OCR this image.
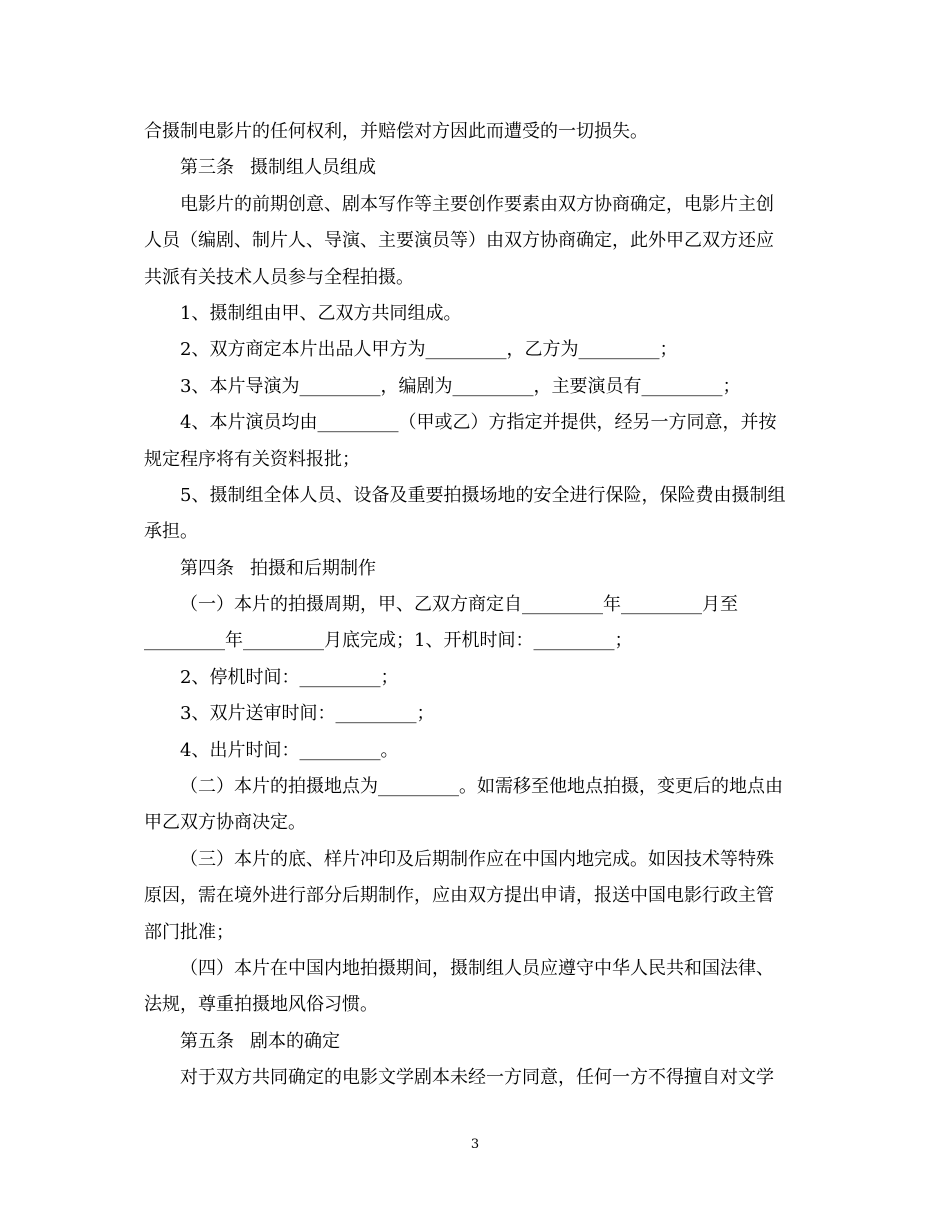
合摄制电影片的任何权利，并赔偿对方因此而遭受的一切损失。
第三条 摄制组人员组成
电影片的前期创意、剧本写作等主要创作要素由双方协商确定，电影片主创
人员（编剧、制片人、导演、主要演员等）由双方协商确定，此外甲乙双方还应
共派有关技术人员参与全程拍摄。
1、摄制组由甲、乙双方共同组成。
2、双方商定本片出品人甲方为_________，乙方为_________；
3、本片导演为_________，编剧为_________，主要演员有_________；
4、本片演员均由_________（甲或乙）方指定并提供，经另一方同意，并按
规定程序将有关资料报批；
5、摄制组全体人员、设备及重要拍摄场地的安全进行保险，保险费由摄制组
承担。
第四条 拍摄和后期制作
（一）本片的拍摄周期，甲、乙双方商定自_________年_________月至
_________年_________月底完成；1、开机时间：_________；
2、停机时间：_________；
3、双片送审时间：_________；
4、出片时间：_________。
（二）本片的拍摄地点为_________。如需移至他地点拍摄，变更后的地点由
甲乙双方协商决定。
（三）本片的底、样片冲印及后期制作应在中国内地完成。如因技术等特殊
原因，需在境外进行部分后期制作，应由双方提出申请，报送中国电影行政主管
部门批准；
（四）本片在中国内地拍摄期间，摄制组人员应遵守中华人民共和国法律、
法规，尊重拍摄地风俗习惯。
第五条 剧本的确定
对于双方共同确定的电影文学剧本未经一方同意，任何一方不得擅自对文学
3
